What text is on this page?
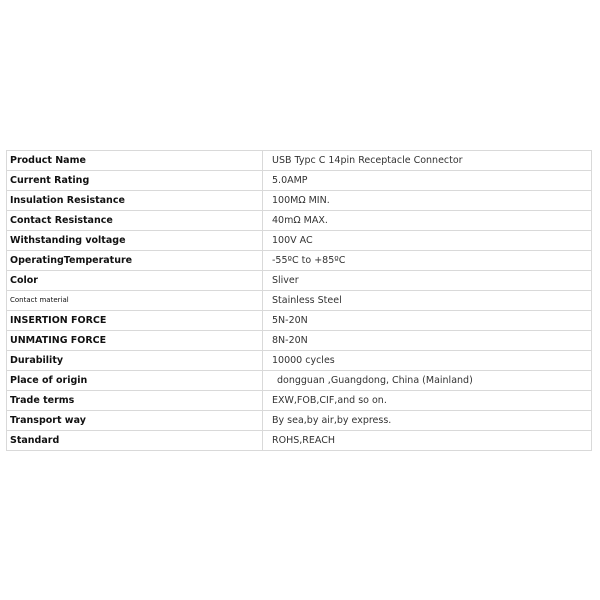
Product Name	USB Typc C 14pin Receptacle Connector
Current Rating	5.0AMP
Insulation Resistance	100MΩ MIN.
Contact Resistance	40mΩ MAX.
Withstanding voltage	100V AC
OperatingTemperature	-55ºC to +85ºC
Color	Sliver
Contact material	Stainless Steel
INSERTION FORCE	5N-20N
UNMATING FORCE	8N-20N
Durability	10000 cycles
Place of origin	dongguan ,Guangdong, China (Mainland)
Trade terms	EXW,FOB,CIF,and so on.
Transport way	By sea,by air,by express.
Standard	ROHS,REACH
